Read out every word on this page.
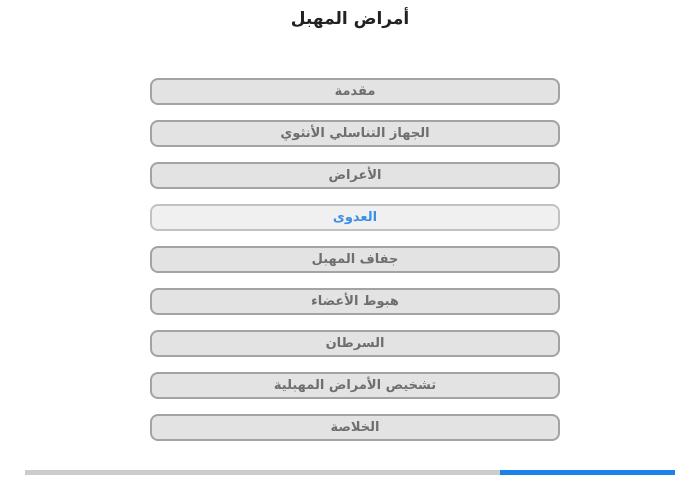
أمراض المهبل
مقدمة
الجهاز التناسلي الأنثوي
الأعراض
العدوى
جفاف المهبل
هبوط الأعضاء
السرطان
تشخيص الأمراض المهبلية
الخلاصة
